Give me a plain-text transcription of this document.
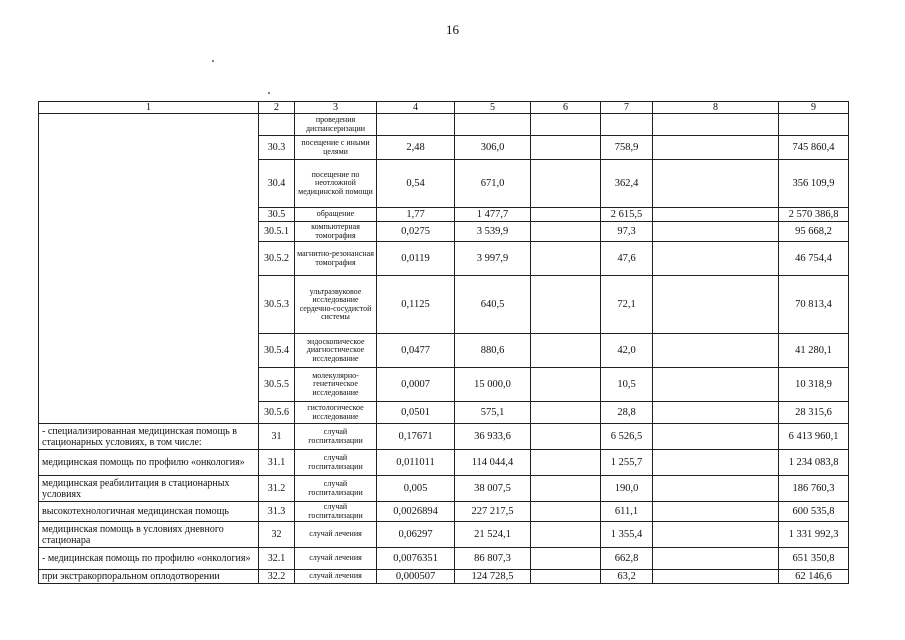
16
1	2	3	4	5	6	7	8	9	
		проведения диспансеризации							
	30.3	посещение с иными целями	2,48	306,0		758,9		745 860,4	
	30.4	посещение по неотложной медицинской помощи	0,54	671,0		362,4		356 109,9	
	30.5	обращение	1,77	1 477,7		2 615,5		2 570 386,8	
	30.5.1	компьютерная томография	0,0275	3 539,9		97,3		95 668,2	
	30.5.2	магнитно-резонансная томография	0,0119	3 997,9		47,6		46 754,4	
	30.5.3	ультразвуковое исследование сердечно-сосудистой системы	0,1125	640,5		72,1		70 813,4	
	30.5.4	эндоскопическое диагностическое исследование	0,0477	880,6		42,0		41 280,1	
	30.5.5	молекулярно-генетическое исследование	0,0007	15 000,0		10,5		10 318,9	
	30.5.6	гистологическое исследование	0,0501	575,1		28,8		28 315,6	
- специализированная медицинская помощь в стационарных условиях, в том числе:	31	случай госпитализации	0,17671	36 933,6		6 526,5		6 413 960,1	
медицинская помощь по профилю «онкология»	31.1	случай госпитализации	0,011011	114 044,4		1 255,7		1 234 083,8	
медицинская реабилитация в стационарных условиях	31.2	случай госпитализации	0,005	38 007,5		190,0		186 760,3	
высокотехнологичная медицинская помощь	31.3	случай госпитализации	0,0026894	227 217,5		611,1		600 535,8	
медицинская помощь в условиях дневного стационара	32	случай лечения	0,06297	21 524,1		1 355,4		1 331 992,3	
- медицинская помощь по профилю «онкология»	32.1	случай лечения	0,0076351	86 807,3		662,8		651 350,8	
при экстракорпоральном оплодотворении	32.2	случай лечения	0,000507	124 728,5		63,2		62 146,6	
